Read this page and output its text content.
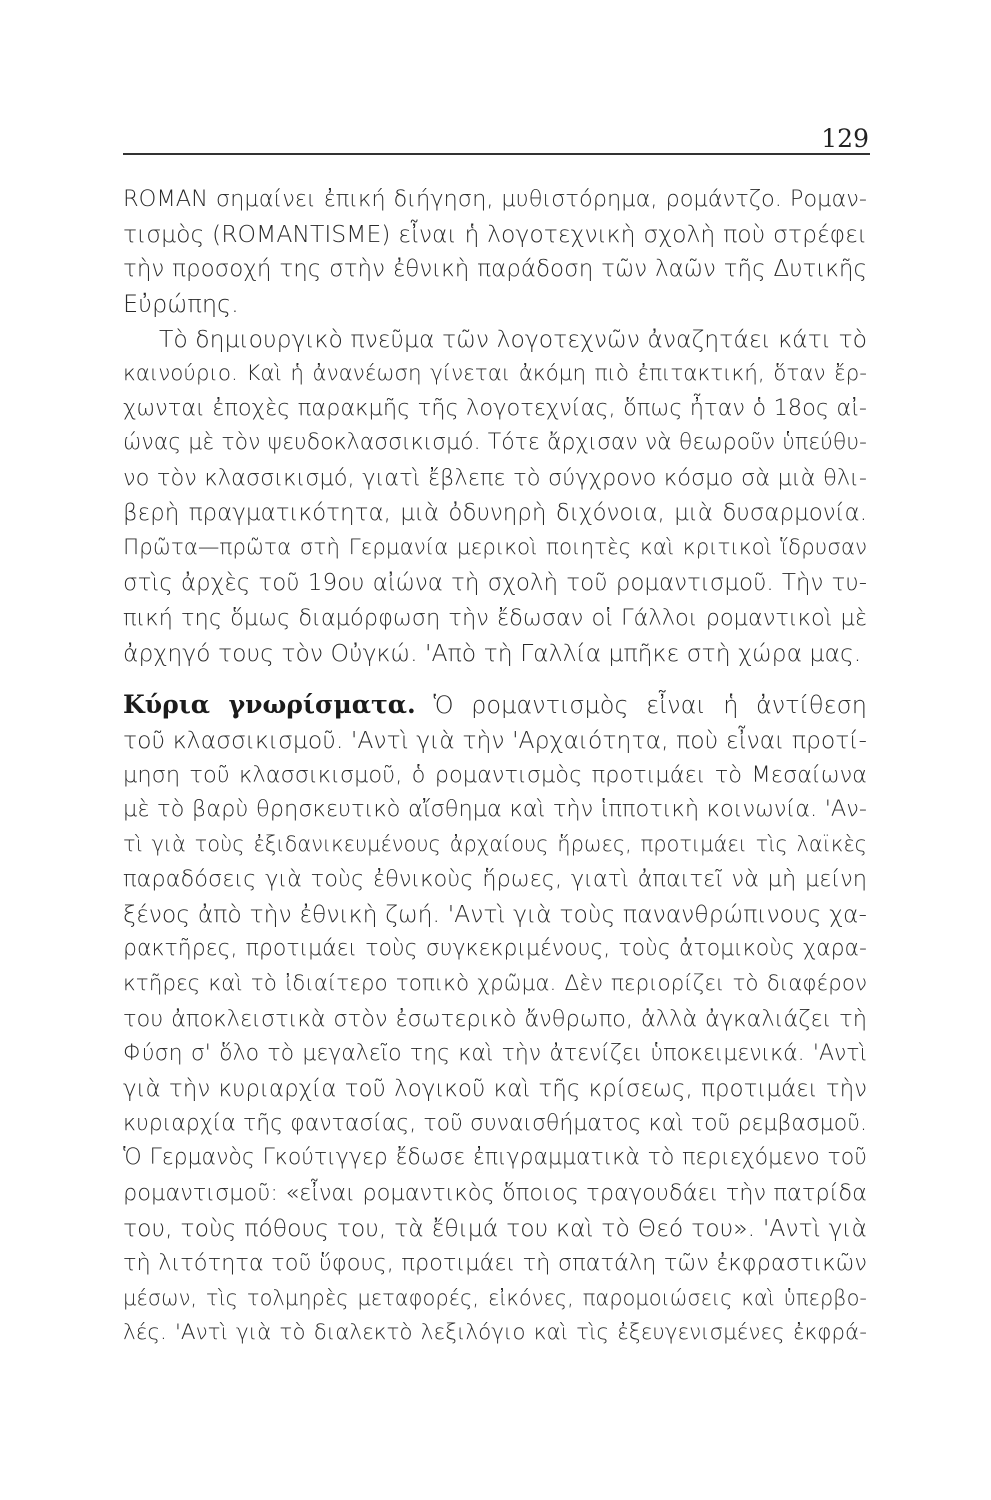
129
ROMAN σημαίνει ἐπική διήγηση, μυθιστόρημα, ρομάντζο. Ρομαν-
τισμὸς (ROMANTISME) εἶναι ἡ λογοτεχνικὴ σχολὴ ποὺ στρέφει
τὴν προσοχή της στὴν ἐθνικὴ παράδοση τῶν λαῶν τῆς Δυτικῆς
Εὐρώπης.
Τὸ δημιουργικὸ πνεῦμα τῶν λογοτεχνῶν ἀναζητάει κάτι τὸ
καινούριο. Καὶ ἡ ἀνανέωση γίνεται ἀκόμη πιὸ ἐπιτακτική, ὅταν ἔρ-
χωνται ἐποχὲς παρακμῆς τῆς λογοτεχνίας, ὅπως ἦταν ὁ 18ος αἰ-
ώνας μὲ τὸν ψευδοκλασσικισμό. Τότε ἄρχισαν νὰ θεωροῦν ὑπεύθυ-
νο τὸν κλασσικισμό, γιατὶ ἔβλεπε τὸ σύγχρονο κόσμο σὰ μιὰ θλι-
βερὴ πραγματικότητα, μιὰ ὀδυνηρὴ διχόνοια, μιὰ δυσαρμονία.
Πρῶτα—πρῶτα στὴ Γερμανία μερικοὶ ποιητὲς καὶ κριτικοὶ ἵδρυσαν
στὶς ἀρχὲς τοῦ 19ου αἰώνα τὴ σχολὴ τοῦ ρομαντισμοῦ. Τὴν τυ-
πική της ὅμως διαμόρφωση τὴν ἔδωσαν οἱ Γάλλοι ρομαντικοὶ μὲ
ἀρχηγό τους τὸν Οὐγκώ. 'Απὸ τὴ Γαλλία μπῆκε στὴ χώρα μας.
Κύρια γνωρίσματα. Ὁ ρομαντισμὸς εἶναι ἡ ἀντίθεση
τοῦ κλασσικισμοῦ. 'Αντὶ γιὰ τὴν 'Αρχαιότητα, ποὺ εἶναι προτί-
μηση τοῦ κλασσικισμοῦ, ὁ ρομαντισμὸς προτιμάει τὸ Μεσαίωνα
μὲ τὸ βαρὺ θρησκευτικὸ αἴσθημα καὶ τὴν ἱπποτικὴ κοινωνία. 'Αν-
τὶ γιὰ τοὺς ἐξιδανικευμένους ἀρχαίους ἥρωες, προτιμάει τὶς λαϊκὲς
παραδόσεις γιὰ τοὺς ἐθνικοὺς ἥρωες, γιατὶ ἀπαιτεῖ νὰ μὴ μείνη
ξένος ἀπὸ τὴν ἐθνικὴ ζωή. 'Αντὶ γιὰ τοὺς πανανθρώπινους χα-
ρακτῆρες, προτιμάει τοὺς συγκεκριμένους, τοὺς ἀτομικοὺς χαρα-
κτῆρες καὶ τὸ ἰδιαίτερο τοπικὸ χρῶμα. Δὲν περιορίζει τὸ διαφέρον
του ἀποκλειστικὰ στὸν ἐσωτερικὸ ἄνθρωπο, ἀλλὰ ἀγκαλιάζει τὴ
Φύση σ' ὅλο τὸ μεγαλεῖο της καὶ τὴν ἀτενίζει ὑποκειμενικά. 'Αντὶ
γιὰ τὴν κυριαρχία τοῦ λογικοῦ καὶ τῆς κρίσεως, προτιμάει τὴν
κυριαρχία τῆς φαντασίας, τοῦ συναισθήματος καὶ τοῦ ρεμβασμοῦ.
Ὁ Γερμανὸς Γκούτιγγερ ἔδωσε ἐπιγραμματικὰ τὸ περιεχόμενο τοῦ
ρομαντισμοῦ: «εἶναι ρομαντικὸς ὅποιος τραγουδάει τὴν πατρίδα
του, τοὺς πόθους του, τὰ ἔθιμά του καὶ τὸ Θεό του». 'Αντὶ γιὰ
τὴ λιτότητα τοῦ ὕφους, προτιμάει τὴ σπατάλη τῶν ἐκφραστικῶν
μέσων, τὶς τολμηρὲς μεταφορές, εἰκόνες, παρομοιώσεις καὶ ὑπερβο-
λές. 'Αντὶ γιὰ τὸ διαλεκτὸ λεξιλόγιο καὶ τὶς ἐξευγενισμένες ἐκφρά-
